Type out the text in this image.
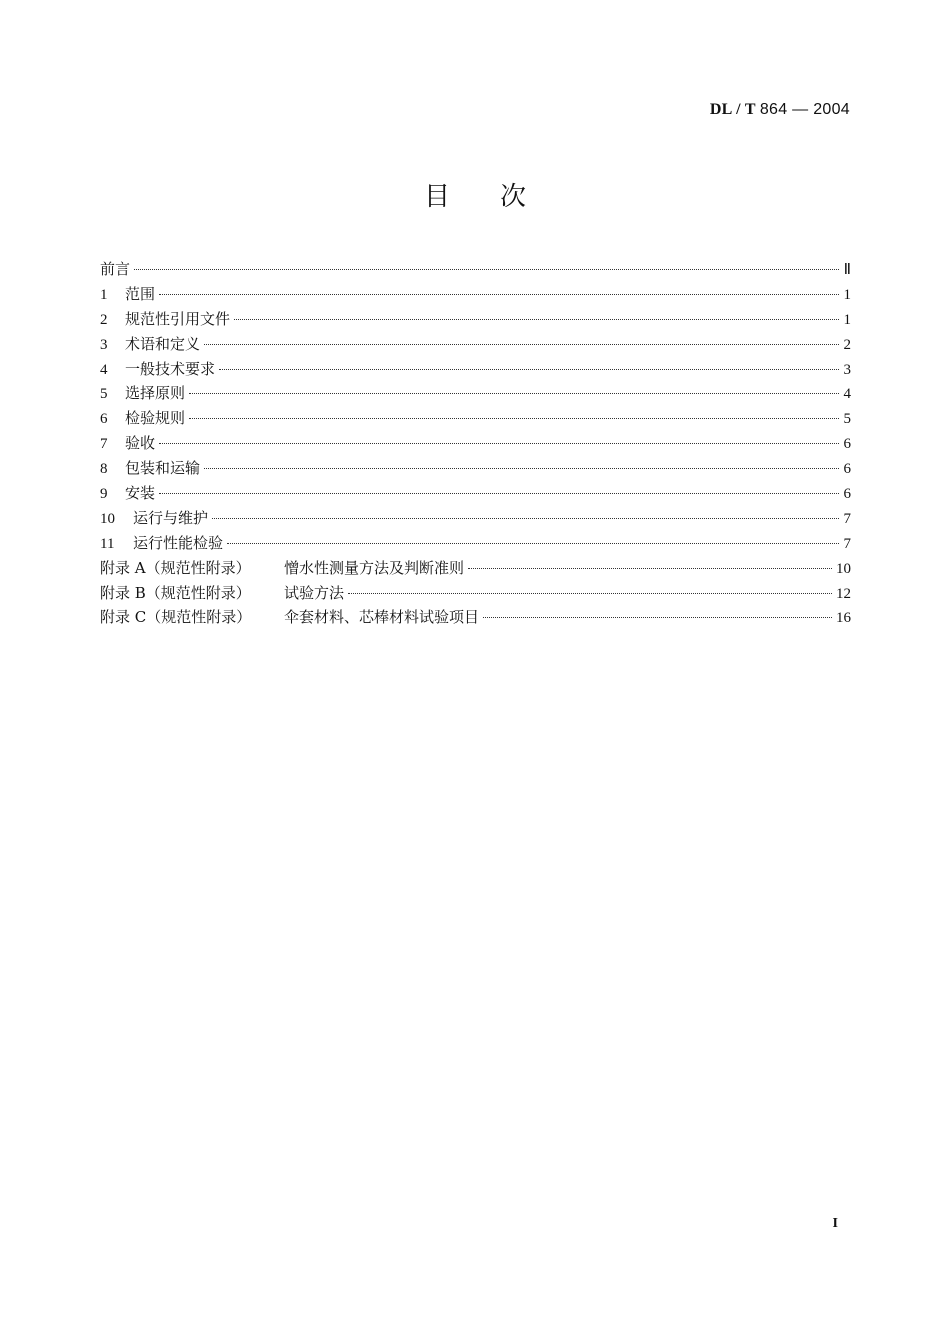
DL / T 864 — 2004
目次
前言	Ⅱ
1	范围	1
2	规范性引用文件	1
3	术语和定义	2
4	一般技术要求	3
5	选择原则	4
6	检验规则	5
7	验收	6
8	包装和运输	6
9	安装	6
10	运行与维护	7
11	运行性能检验	7
附录 A（规范性附录）	憎水性测量方法及判断准则	10
附录 B（规范性附录）	试验方法	12
附录 C（规范性附录）	伞套材料、芯棒材料试验项目	16
I
